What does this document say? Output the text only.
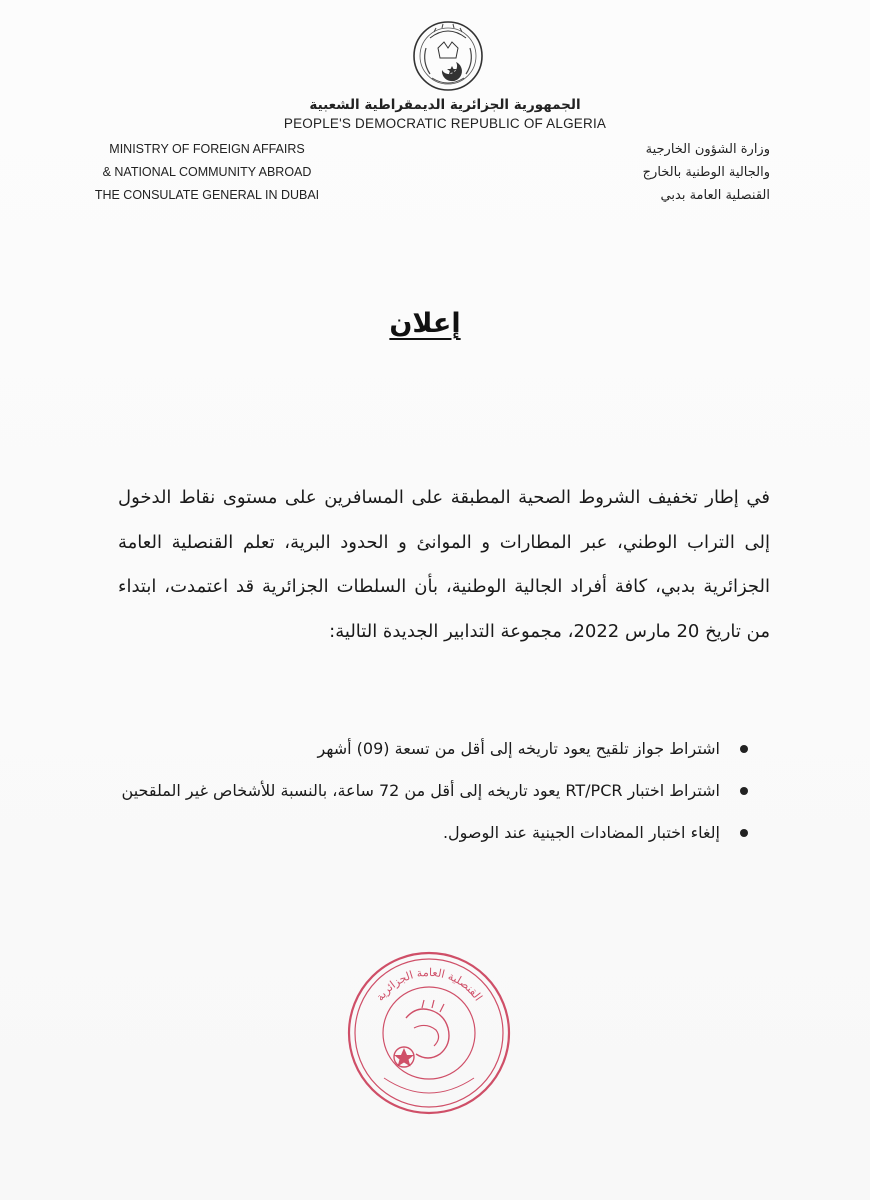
الجمهورية الجزائرية الديمقراطية الشعبية
PEOPLE'S DEMOCRATIC REPUBLIC OF ALGERIA
MINISTRY OF FOREIGN AFFAIRS
& NATIONAL COMMUNITY ABROAD
THE CONSULATE GENERAL IN DUBAI
وزارة الشؤون الخارجية
والجالية الوطنية بالخارج
القنصلية العامة بدبي
إعلان
في إطار تخفيف الشروط الصحية المطبقة على المسافرين على مستوى نقاط الدخول إلى التراب الوطني، عبر المطارات و الموانئ و الحدود البرية، تعلم القنصلية العامة الجزائرية بدبي، كافة أفراد الجالية الوطنية، بأن السلطات الجزائرية قد اعتمدت، ابتداء من تاريخ 20 مارس 2022، مجموعة التدابير الجديدة التالية:
اشتراط جواز تلقيح يعود تاريخه إلى أقل من تسعة (09) أشهر
اشتراط اختبار RT/PCR يعود تاريخه إلى أقل من 72 ساعة، بالنسبة للأشخاص غير الملقحين
إلغاء اختبار المضادات الجينية عند الوصول.
القنصلية العامة الجزائرية
